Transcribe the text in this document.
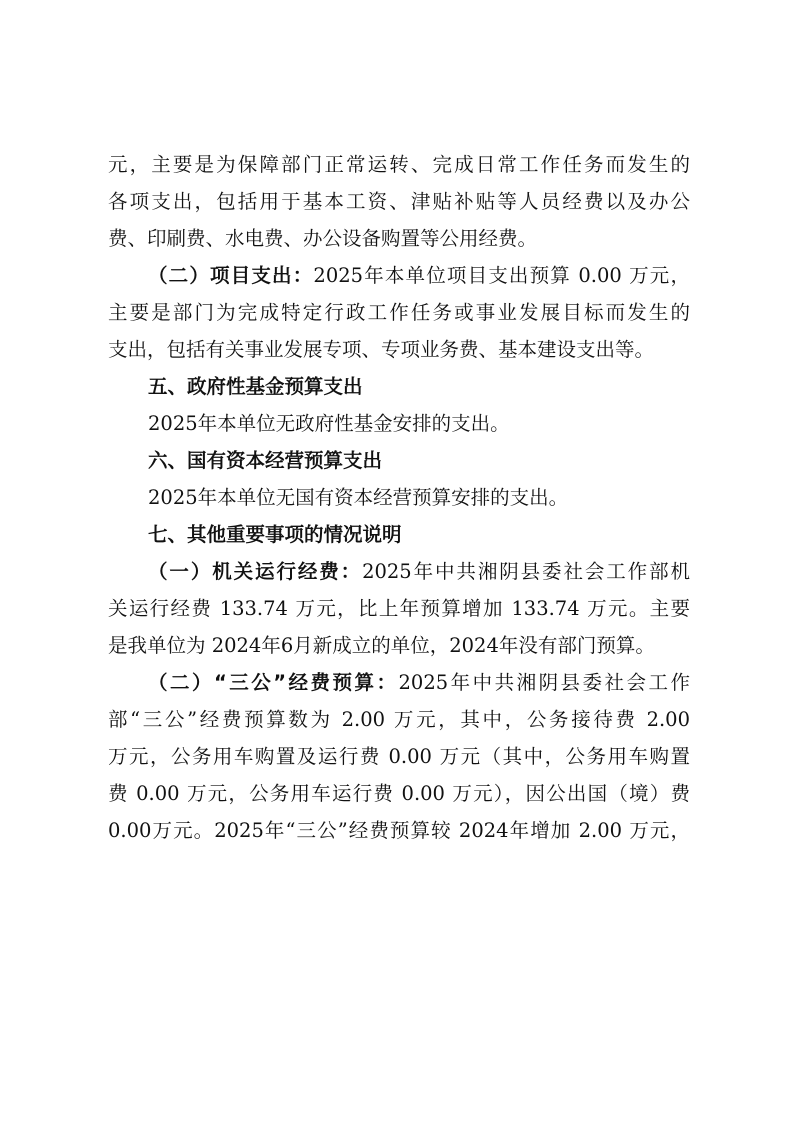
元，主要是为保障部门正常运转、完成日常工作任务而发生的
各项支出，包括用于基本工资、津贴补贴等人员经费以及办公
费、印刷费、水电费、办公设备购置等公用经费。
（二）项目支出：2025年本单位项目支出预算 0.00 万元，
主要是部门为完成特定行政工作任务或事业发展目标而发生的
支出，包括有关事业发展专项、专项业务费、基本建设支出等。
五、政府性基金预算支出
2025年本单位无政府性基金安排的支出。
六、国有资本经营预算支出
2025年本单位无国有资本经营预算安排的支出。
七、其他重要事项的情况说明
（一）机关运行经费：2025年中共湘阴县委社会工作部机
关运行经费 133.74 万元，比上年预算增加 133.74 万元。主要
是我单位为 2024年6月新成立的单位，2024年没有部门预算。
（二）“三公”经费预算：2025年中共湘阴县委社会工作
部“三公”经费预算数为 2.00 万元，其中，公务接待费 2.00
万元，公务用车购置及运行费 0.00 万元（其中，公务用车购置
费 0.00 万元，公务用车运行费 0.00 万元），因公出国（境）费
0.00万元。2025年“三公”经费预算较 2024年增加 2.00 万元，
